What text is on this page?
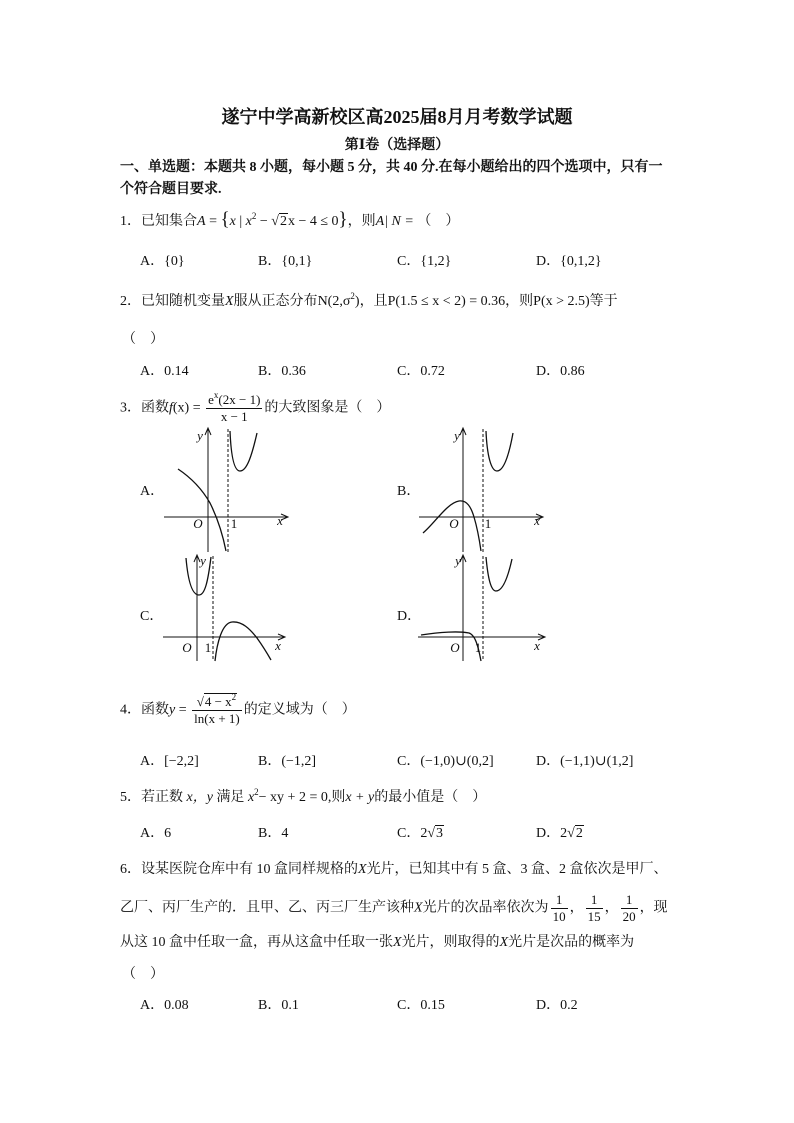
遂宁中学高新校区高2025届8月月考数学试题
第Ⅰ卷（选择题）
一、单选题：本题共 8 小题，每小题 5 分，共 40 分.在每小题给出的四个选项中，只有一
个符合题目要求.
1．已知集合A = {x | $x^2 - √2x - 4 \le 0$}，则A| N = （　）
A．{0}	B．{0,1}	C．{1,2}	D．{0,1,2}
2．已知随机变量X服从正态分布$N(2,\sigma^2)$，且P(1.5 ≤ x < 2) = 0.36，则P(x > 2.5)等于
（　）
A．0.14	B．0.36	C．0.72	D．0.86
3．函数$f(x) = \frac{e^x(2x - 1)}{x - 1}$ 的大致图象是（　）
A．	B．
C．	D．
y
x
O 1
y
x
O 1
y
x
O 1
y
x
O 1
4．函数$y = \frac{√4 - x^2}{\ln(x + 1)}$ 的定义域为（　）
A．[−2,2]	B．(−1,2]	C．(−1,0)∪(0,2]	D．(−1,1)∪(1,2]
5．若正数 x，y 满足 $x^2-$ xy + 2 = 0,则x + y的最小值是（　）
A．6	B．4	C．2√3	D．2√2
6．设某医院仓库中有 10 盒同样规格的X光片，已知其中有 5 盒、3 盒、2 盒依次是甲厂、
乙厂、丙厂生产的．且甲、乙、丙三厂生产该种X光片的次品率依次为 $\frac{1}{10}$ ， $\frac{1}{15}$ ， $\frac{1}{20}$ ，现
从这 10 盒中任取一盒，再从这盒中任取一张X光片，则取得的X光片是次品的概率为
（　）
A．0.08	B．0.1	C．0.15	D．0.2
